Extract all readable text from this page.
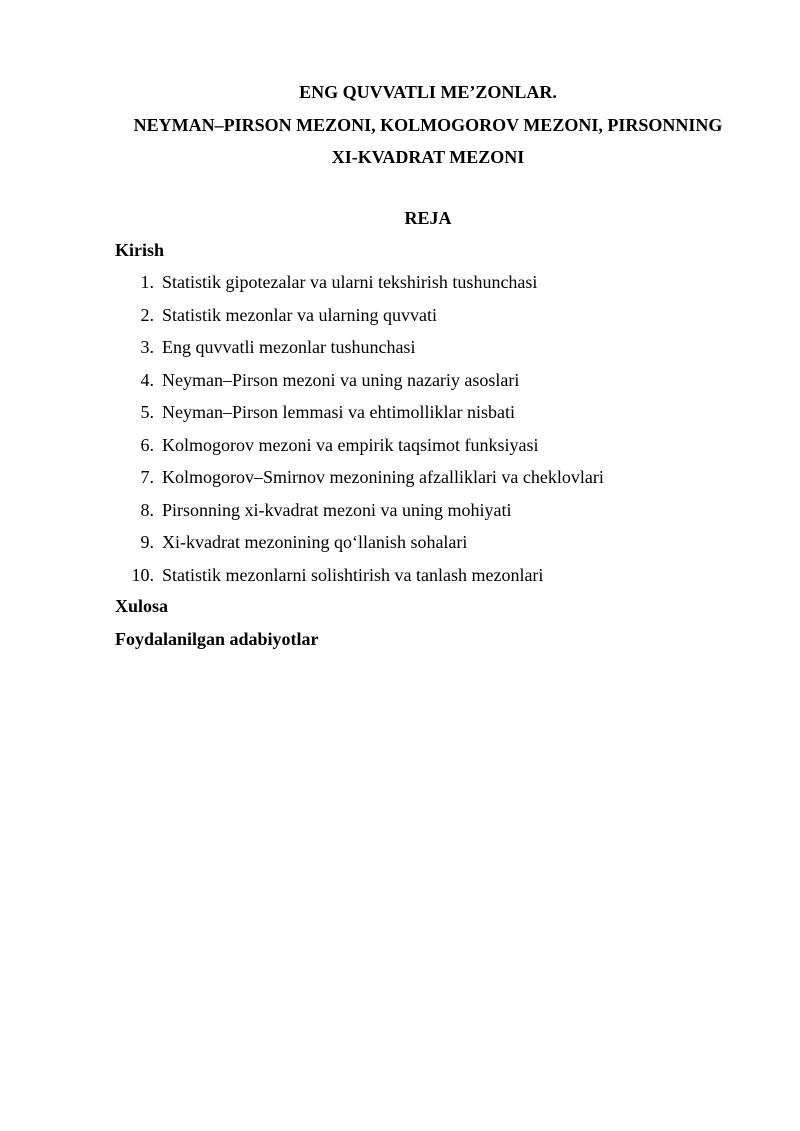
ENG QUVVATLI ME’ZONLAR.
NEYMAN–PIRSON MEZONI, KOLMOGOROV MEZONI, PIRSONNING
XI-KVADRAT MEZONI
REJA
Kirish
1. Statistik gipotezalar va ularni tekshirish tushunchasi
2. Statistik mezonlar va ularning quvvati
3. Eng quvvatli mezonlar tushunchasi
4. Neyman–Pirson mezoni va uning nazariy asoslari
5. Neyman–Pirson lemmasi va ehtimolliklar nisbati
6. Kolmogorov mezoni va empirik taqsimot funksiyasi
7. Kolmogorov–Smirnov mezonining afzalliklari va cheklovlari
8. Pirsonning xi-kvadrat mezoni va uning mohiyati
9. Xi-kvadrat mezonining qo‘llanish sohalari
10. Statistik mezonlarni solishtirish va tanlash mezonlari
Xulosa
Foydalanilgan adabiyotlar
